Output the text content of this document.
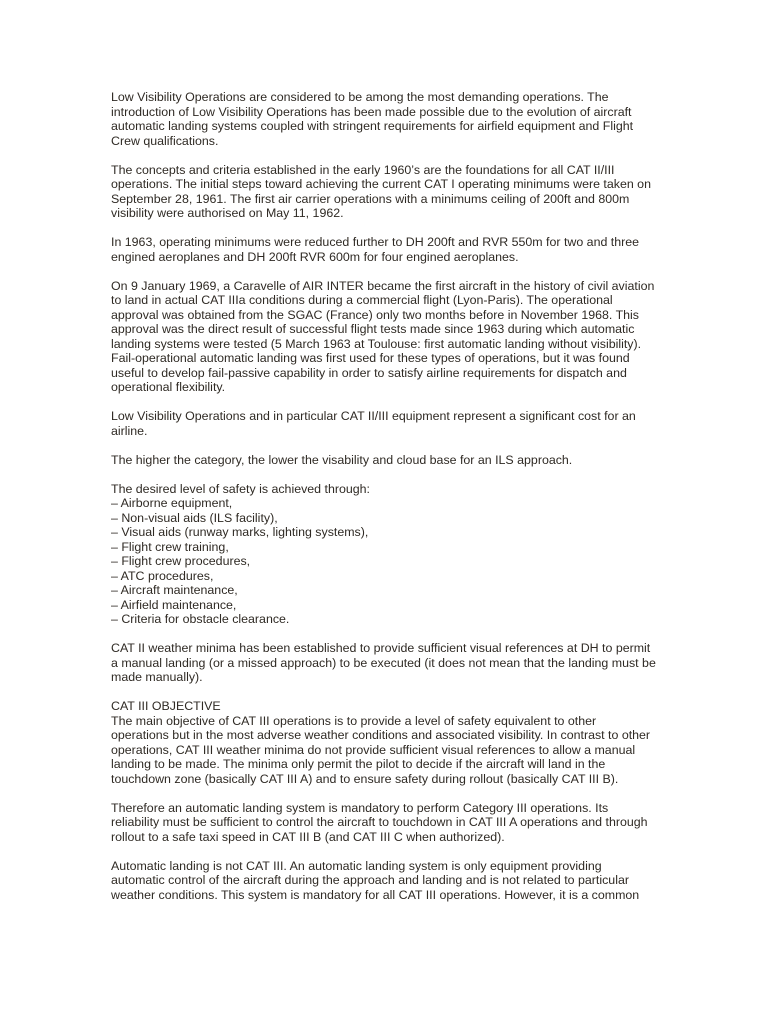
Low Visibility Operations are considered to be among the most demanding operations. The introduction of Low Visibility Operations has been made possible due to the evolution of aircraft automatic landing systems coupled with stringent requirements for airfield equipment and Flight Crew qualifications.

The concepts and criteria established in the early 1960’s are the foundations for all CAT II/III operations. The initial steps toward achieving the current CAT I operating minimums were taken on September 28, 1961. The first air carrier operations with a minimums ceiling of 200ft and 800m visibility were authorised on May 11, 1962.

In 1963, operating minimums were reduced further to DH 200ft and RVR 550m for two and three engined aeroplanes and DH 200ft RVR 600m for four engined aeroplanes.

On 9 January 1969, a Caravelle of AIR INTER became the first aircraft in the history of civil aviation to land in actual CAT IIIa conditions during a commercial flight (Lyon-Paris). The operational approval was obtained from the SGAC (France) only two months before in November 1968. This approval was the direct result of successful flight tests made since 1963 during which automatic landing systems were tested (5 March 1963 at Toulouse: first automatic landing without visibility). Fail-operational automatic landing was first used for these types of operations, but it was found useful to develop fail-passive capability in order to satisfy airline requirements for dispatch and operational flexibility.

Low Visibility Operations and in particular CAT II/III equipment represent a significant cost for an airline.

The higher the category, the lower the visability and cloud base for an ILS approach.

The desired level of safety is achieved through:

– Airborne equipment,
– Non-visual aids (ILS facility),
– Visual aids (runway marks, lighting systems),
– Flight crew training,
– Flight crew procedures,
– ATC procedures,
– Aircraft maintenance,
– Airfield maintenance,
– Criteria for obstacle clearance.

CAT II weather minima has been established to provide sufficient visual references at DH to permit a manual landing (or a missed approach) to be executed (it does not mean that the landing must be made manually).

CAT III OBJECTIVE

The main objective of CAT III operations is to provide a level of safety equivalent to other operations but in the most adverse weather conditions and associated visibility. In contrast to other operations, CAT III weather minima do not provide sufficient visual references to allow a manual landing to be made. The minima only permit the pilot to decide if the aircraft will land in the touchdown zone (basically CAT III A) and to ensure safety during rollout (basically CAT III B).

Therefore an automatic landing system is mandatory to perform Category III operations. Its reliability must be sufficient to control the aircraft to touchdown in CAT III A operations and through rollout to a safe taxi speed in CAT III B (and CAT III C when authorized).

Automatic landing is not CAT III. An automatic landing system is only equipment providing automatic control of the aircraft during the approach and landing and is not related to particular weather conditions. This system is mandatory for all CAT III operations. However, it is a common
